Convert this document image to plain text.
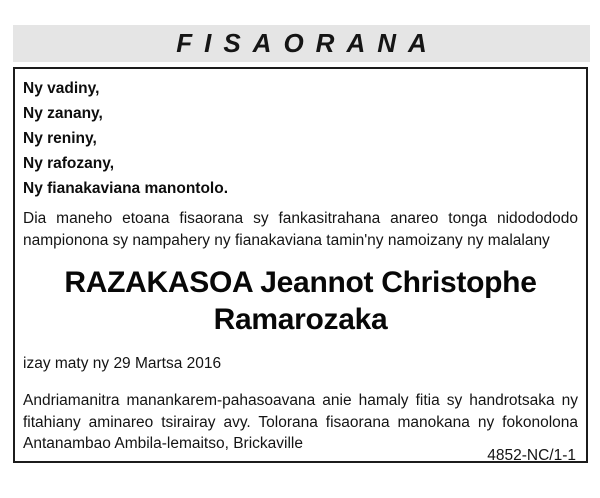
FISAORANA
Ny vadiny,
Ny zanany,
Ny reniny,
Ny rafozany,
Ny fianakaviana manontolo.

Dia maneho etoana fisaorana sy fankasitrahana anareo tonga nidodododo nampionona sy nampahery ny fianakaviana tamin'ny namoizany ny malalany

RAZAKASOA Jeannot Christophe Ramarozaka

izay maty ny 29 Martsa 2016

Andriamanitra manankarem-pahasoavana anie hamaly fitia sy handrotsaka ny fitahiany aminareo tsirairay avy. Tolorana fisaorana manokana ny fokonolona Antanambao Ambila-lemaitso, Brickaville

4852-NC/1-1
